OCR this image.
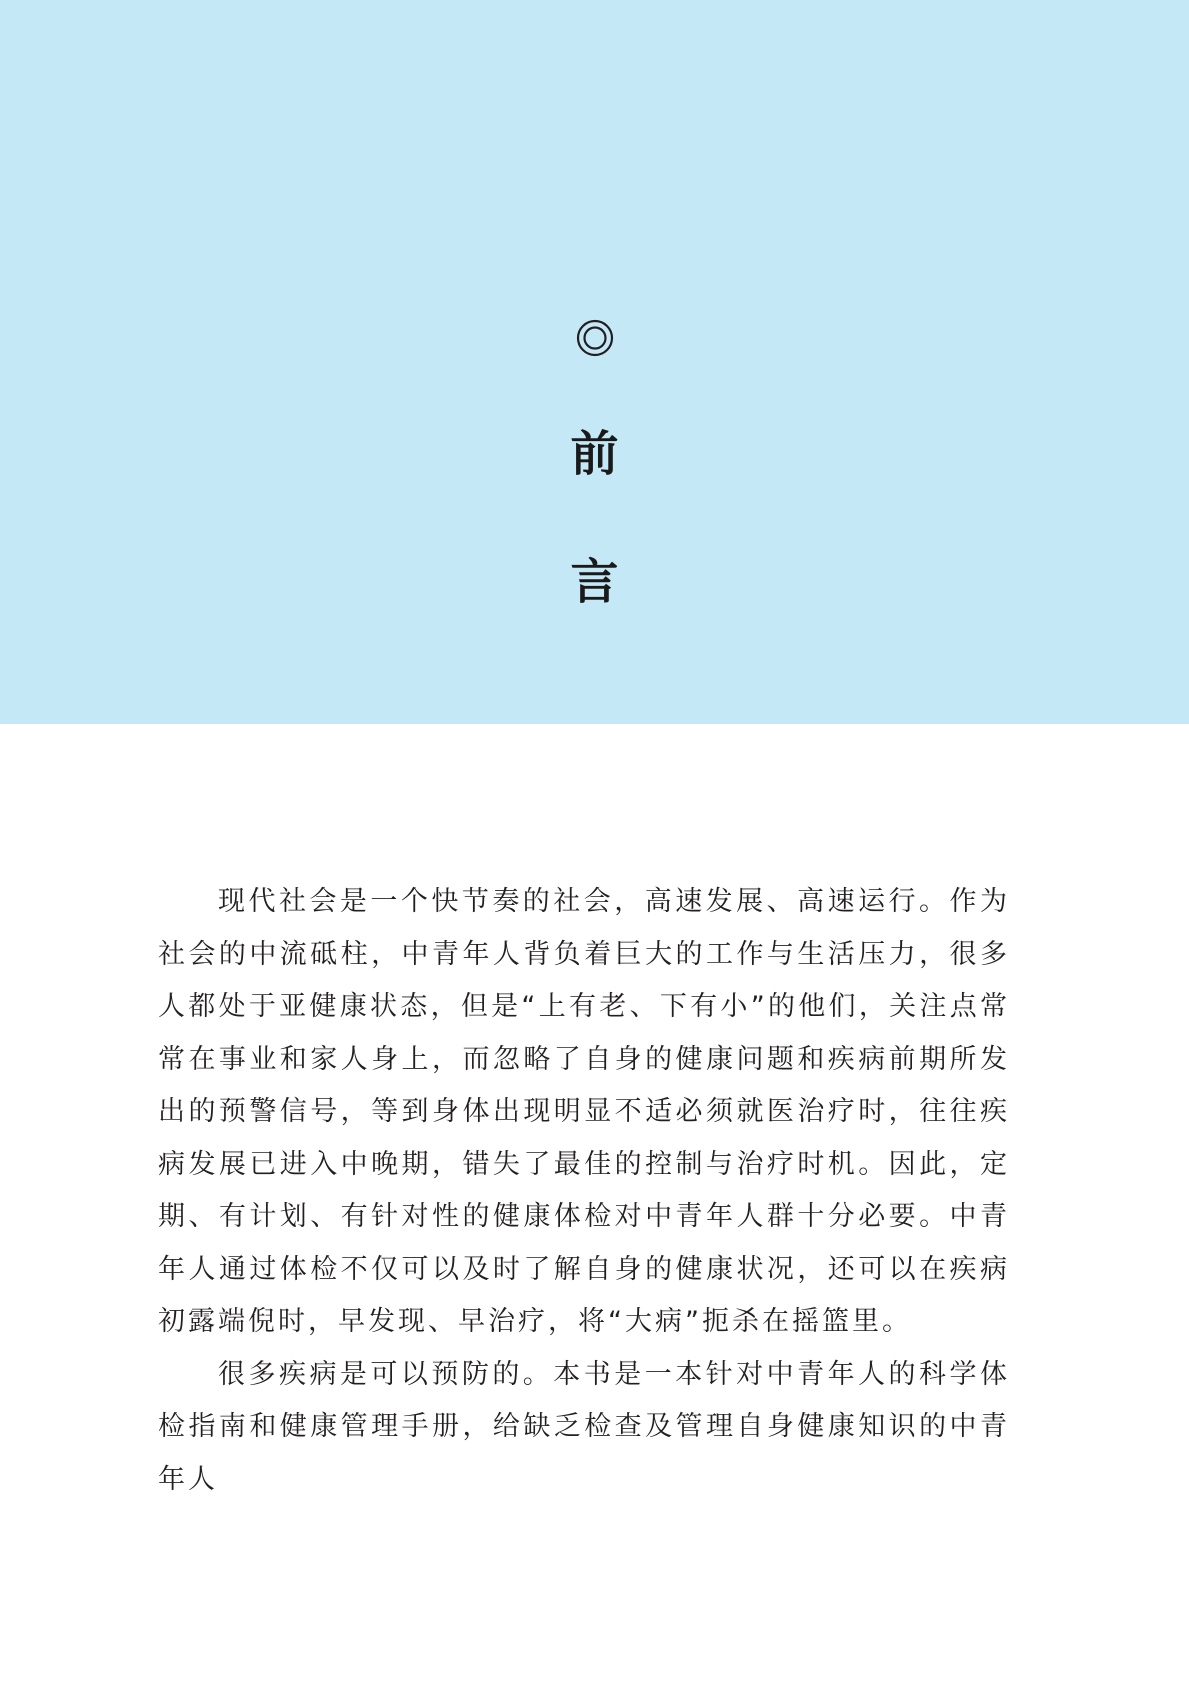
前
言

现代社会是一个快节奏的社会，高速发展、高速运行。作为社会的中流砥柱，中青年人背负着巨大的工作与生活压力，很多人都处于亚健康状态，但是“上有老、下有小”的他们，关注点常常在事业和家人身上，而忽略了自身的健康问题和疾病前期所发出的预警信号，等到身体出现明显不适必须就医治疗时，往往疾病发展已进入中晚期，错失了最佳的控制与治疗时机。因此，定期、有计划、有针对性的健康体检对中青年人群十分必要。中青年人通过体检不仅可以及时了解自身的健康状况，还可以在疾病初露端倪时，早发现、早治疗，将“大病”扼杀在摇篮里。

很多疾病是可以预防的。本书是一本针对中青年人的科学体检指南和健康管理手册，给缺乏检查及管理自身健康知识的中青年人
